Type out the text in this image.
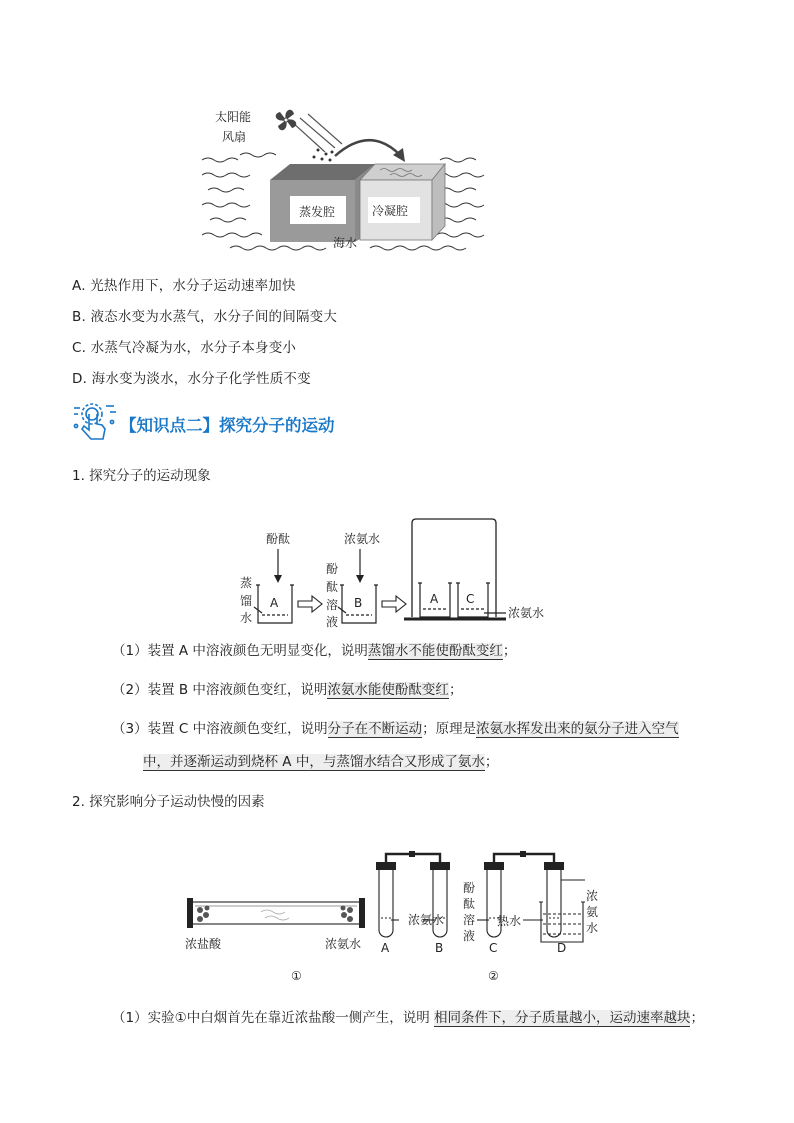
太阳能
风扇
蒸发腔	冷凝腔
海水
A. 光热作用下，水分子运动速率加快
B. 液态水变为水蒸气，水分子间的间隔变大
C. 水蒸气冷凝为水，水分子本身变小
D. 海水变为淡水，水分子化学性质不变
【知识点二】探究分子的运动
1. 探究分子的运动现象
酚酞
蒸
馏
水
A
酚
酞
溶
液
浓氨水
B	A C
浓氨水
（1）装置 A 中溶液颜色无明显变化，说明蒸馏水不能使酚酞变红；
（2）装置 B 中溶液颜色变红，说明浓氨水能使酚酞变红；
（3）装置 C 中溶液颜色变红，说明分子在不断运动；原理是浓氨水挥发出来的氨分子进入空气
中，并逐渐运动到烧杯 A 中，与蒸馏水结合又形成了氨水；
2. 探究影响分子运动快慢的因素
浓盐酸	浓氨水
①
浓氨水
酚
酞
溶
液
热水
浓
氨
水
A	B	C	D
②
（1）实验①中白烟首先在靠近浓盐酸一侧产生，说明 相同条件下，分子质量越小，运动速率越块；
